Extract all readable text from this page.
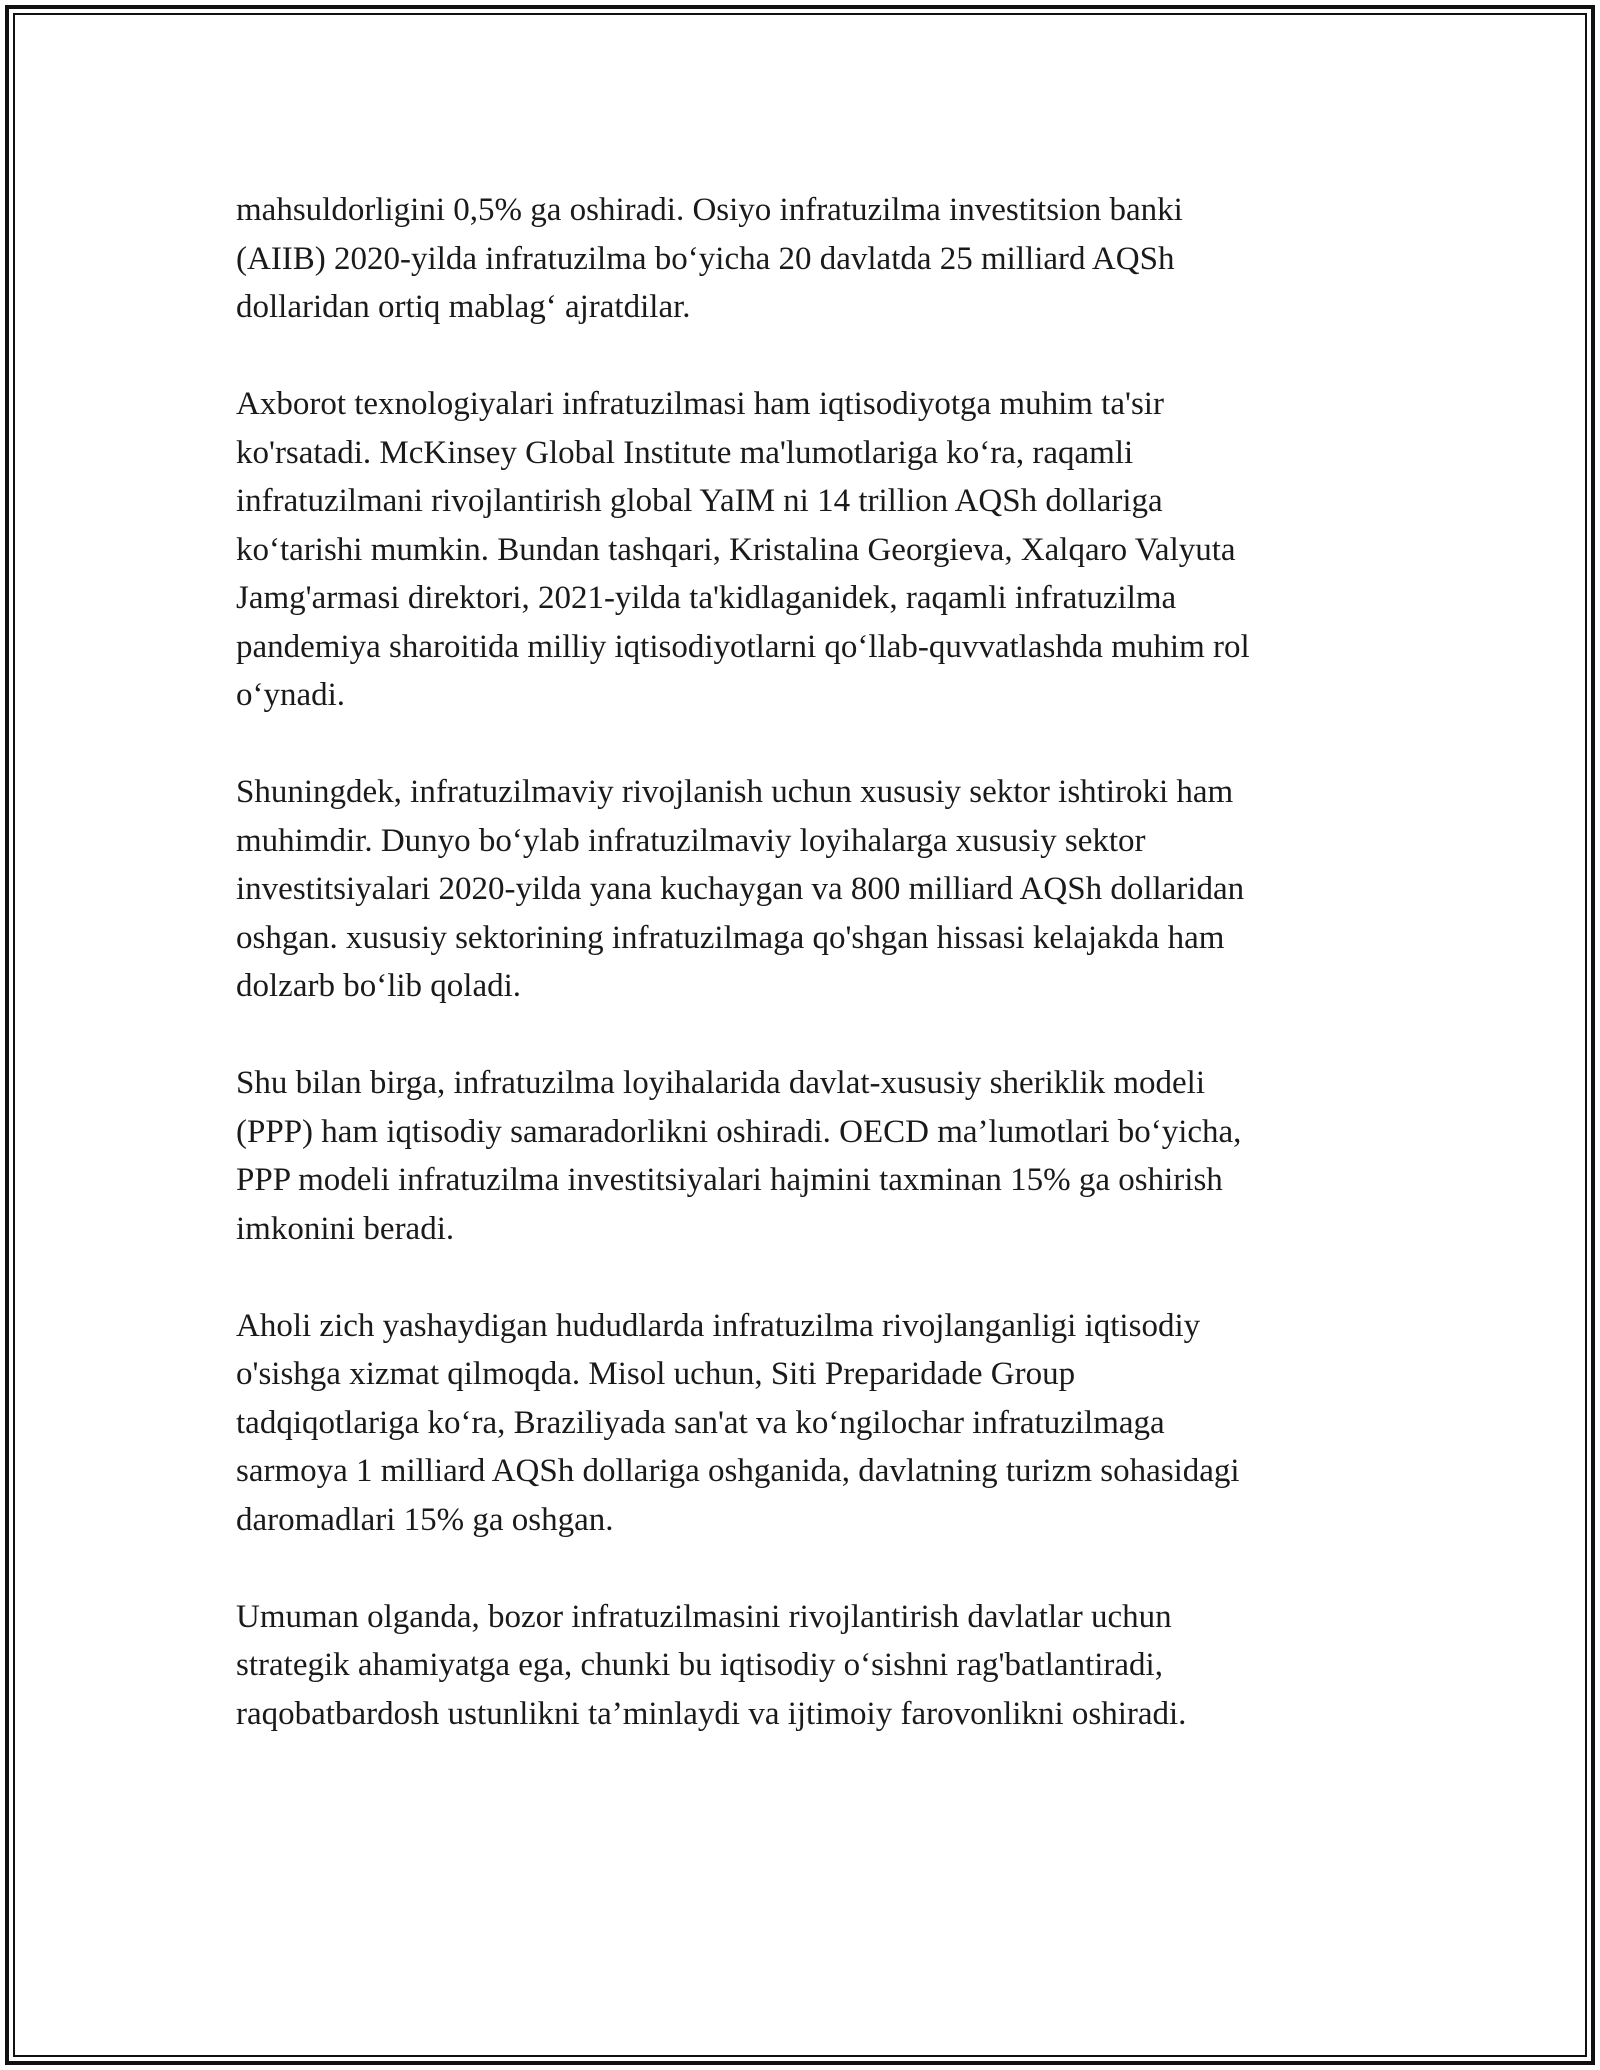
mahsuldorligini 0,5% ga oshiradi. Osiyo infratuzilma investitsion banki
(AIIB) 2020-yilda infratuzilma bo‘yicha 20 davlatda 25 milliard AQSh
dollaridan ortiq mablag‘ ajratdilar.

Axborot texnologiyalari infratuzilmasi ham iqtisodiyotga muhim ta'sir
ko'rsatadi. McKinsey Global Institute ma'lumotlariga ko‘ra, raqamli
infratuzilmani rivojlantirish global YaIM ni 14 trillion AQSh dollariga
ko‘tarishi mumkin. Bundan tashqari, Kristalina Georgieva, Xalqaro Valyuta
Jamg'armasi direktori, 2021-yilda ta'kidlaganidek, raqamli infratuzilma
pandemiya sharoitida milliy iqtisodiyotlarni qo‘llab-quvvatlashda muhim rol
o‘ynadi.

Shuningdek, infratuzilmaviy rivojlanish uchun xususiy sektor ishtiroki ham
muhimdir. Dunyo bo‘ylab infratuzilmaviy loyihalarga xususiy sektor
investitsiyalari 2020-yilda yana kuchaygan va 800 milliard AQSh dollaridan
oshgan. xususiy sektorining infratuzilmaga qo'shgan hissasi kelajakda ham
dolzarb bo‘lib qoladi.

Shu bilan birga, infratuzilma loyihalarida davlat-xususiy sheriklik modeli
(PPP) ham iqtisodiy samaradorlikni oshiradi. OECD ma’lumotlari bo‘yicha,
PPP modeli infratuzilma investitsiyalari hajmini taxminan 15% ga oshirish
imkonini beradi.

Aholi zich yashaydigan hududlarda infratuzilma rivojlanganligi iqtisodiy
o'sishga xizmat qilmoqda. Misol uchun, Siti Preparidade Group
tadqiqotlariga ko‘ra, Braziliyada san'at va ko‘ngilochar infratuzilmaga
sarmoya 1 milliard AQSh dollariga oshganida, davlatning turizm sohasidagi
daromadlari 15% ga oshgan.

Umuman olganda, bozor infratuzilmasini rivojlantirish davlatlar uchun
strategik ahamiyatga ega, chunki bu iqtisodiy o‘sishni rag'batlantiradi,
raqobatbardosh ustunlikni ta’minlaydi va ijtimoiy farovonlikni oshiradi.
